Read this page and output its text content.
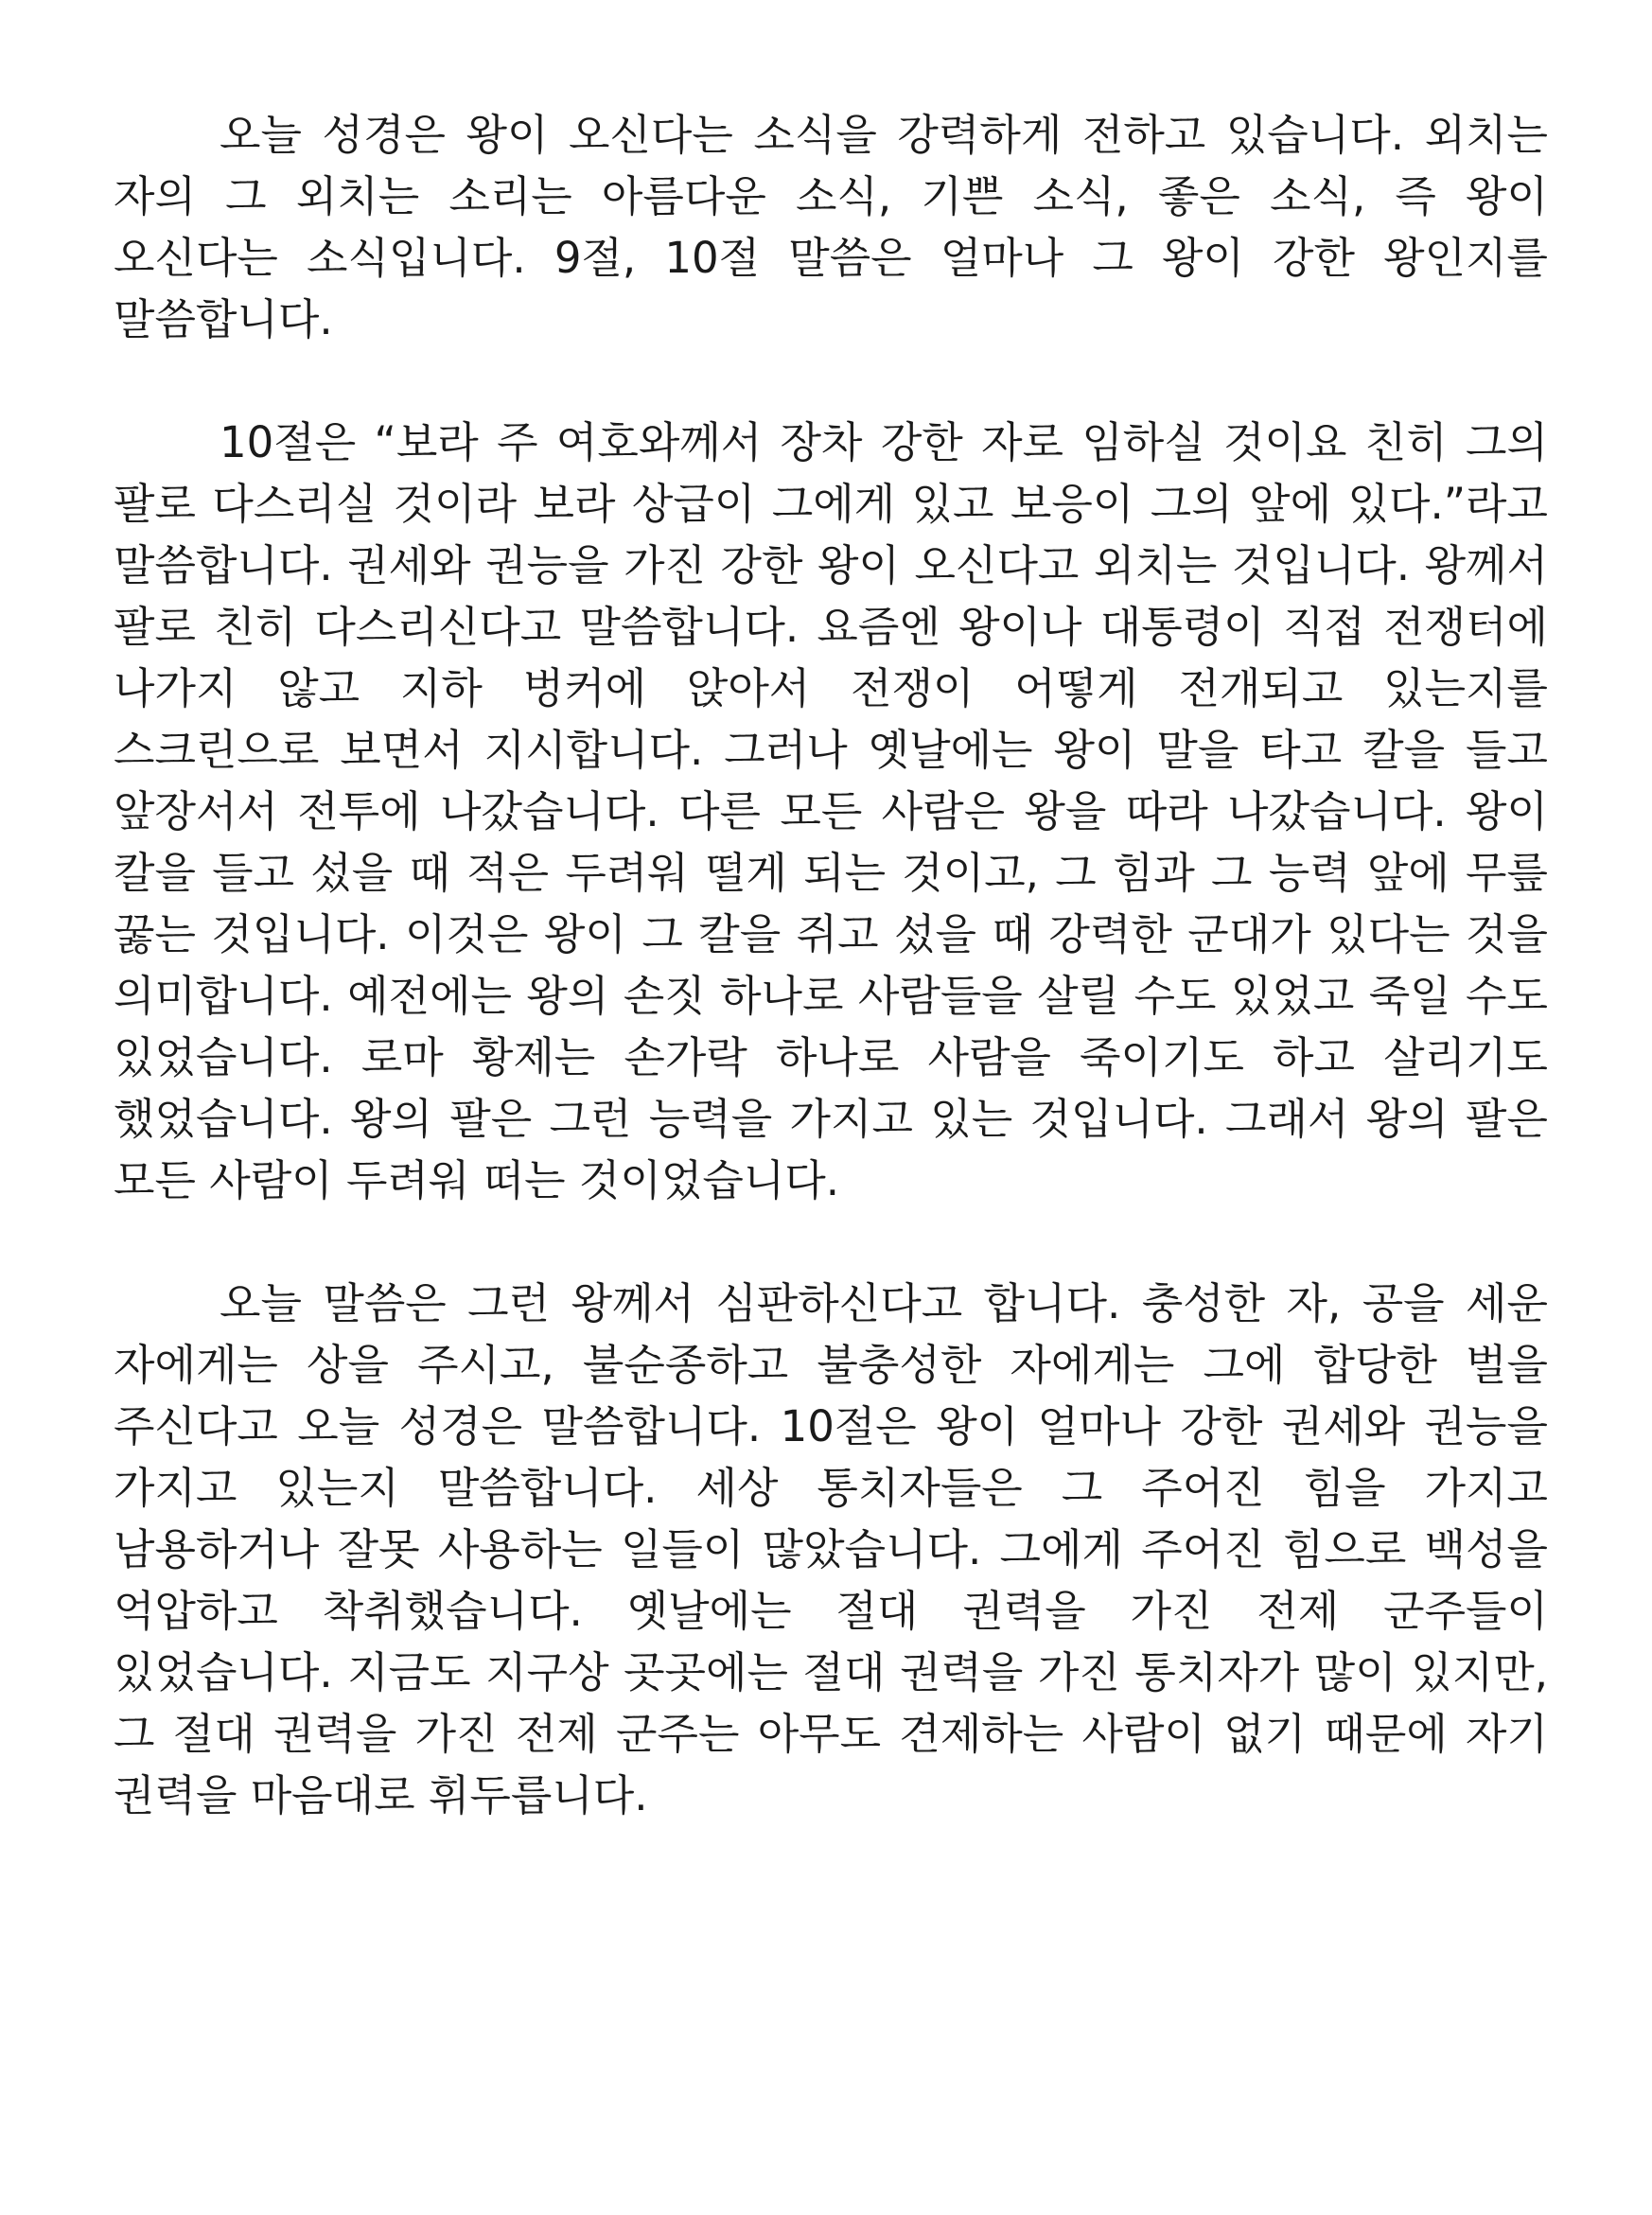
오늘 성경은 왕이 오신다는 소식을 강력하게 전하고 있습니다. 외치는 자의 그 외치는 소리는 아름다운 소식, 기쁜 소식, 좋은 소식, 즉 왕이 오신다는 소식입니다. 9절, 10절 말씀은 얼마나 그 왕이 강한 왕인지를 말씀합니다.

10절은 “보라 주 여호와께서 장차 강한 자로 임하실 것이요 친히 그의 팔로 다스리실 것이라 보라 상급이 그에게 있고 보응이 그의 앞에 있다.”라고 말씀합니다. 권세와 권능을 가진 강한 왕이 오신다고 외치는 것입니다. 왕께서 팔로 친히 다스리신다고 말씀합니다. 요즘엔 왕이나 대통령이 직접 전쟁터에 나가지 않고 지하 벙커에 앉아서 전쟁이 어떻게 전개되고 있는지를 스크린으로 보면서 지시합니다. 그러나 옛날에는 왕이 말을 타고 칼을 들고 앞장서서 전투에 나갔습니다. 다른 모든 사람은 왕을 따라 나갔습니다. 왕이 칼을 들고 섰을 때 적은 두려워 떨게 되는 것이고, 그 힘과 그 능력 앞에 무릎 꿇는 것입니다. 이것은 왕이 그 칼을 쥐고 섰을 때 강력한 군대가 있다는 것을 의미합니다. 예전에는 왕의 손짓 하나로 사람들을 살릴 수도 있었고 죽일 수도 있었습니다. 로마 황제는 손가락 하나로 사람을 죽이기도 하고 살리기도 했었습니다. 왕의 팔은 그런 능력을 가지고 있는 것입니다. 그래서 왕의 팔은 모든 사람이 두려워 떠는 것이었습니다.

오늘 말씀은 그런 왕께서 심판하신다고 합니다. 충성한 자, 공을 세운 자에게는 상을 주시고, 불순종하고 불충성한 자에게는 그에 합당한 벌을 주신다고 오늘 성경은 말씀합니다. 10절은 왕이 얼마나 강한 권세와 권능을 가지고 있는지 말씀합니다. 세상 통치자들은 그 주어진 힘을 가지고 남용하거나 잘못 사용하는 일들이 많았습니다. 그에게 주어진 힘으로 백성을 억압하고 착취했습니다. 옛날에는 절대 권력을 가진 전제 군주들이 있었습니다. 지금도 지구상 곳곳에는 절대 권력을 가진 통치자가 많이 있지만, 그 절대 권력을 가진 전제 군주는 아무도 견제하는 사람이 없기 때문에 자기 권력을 마음대로 휘두릅니다.
